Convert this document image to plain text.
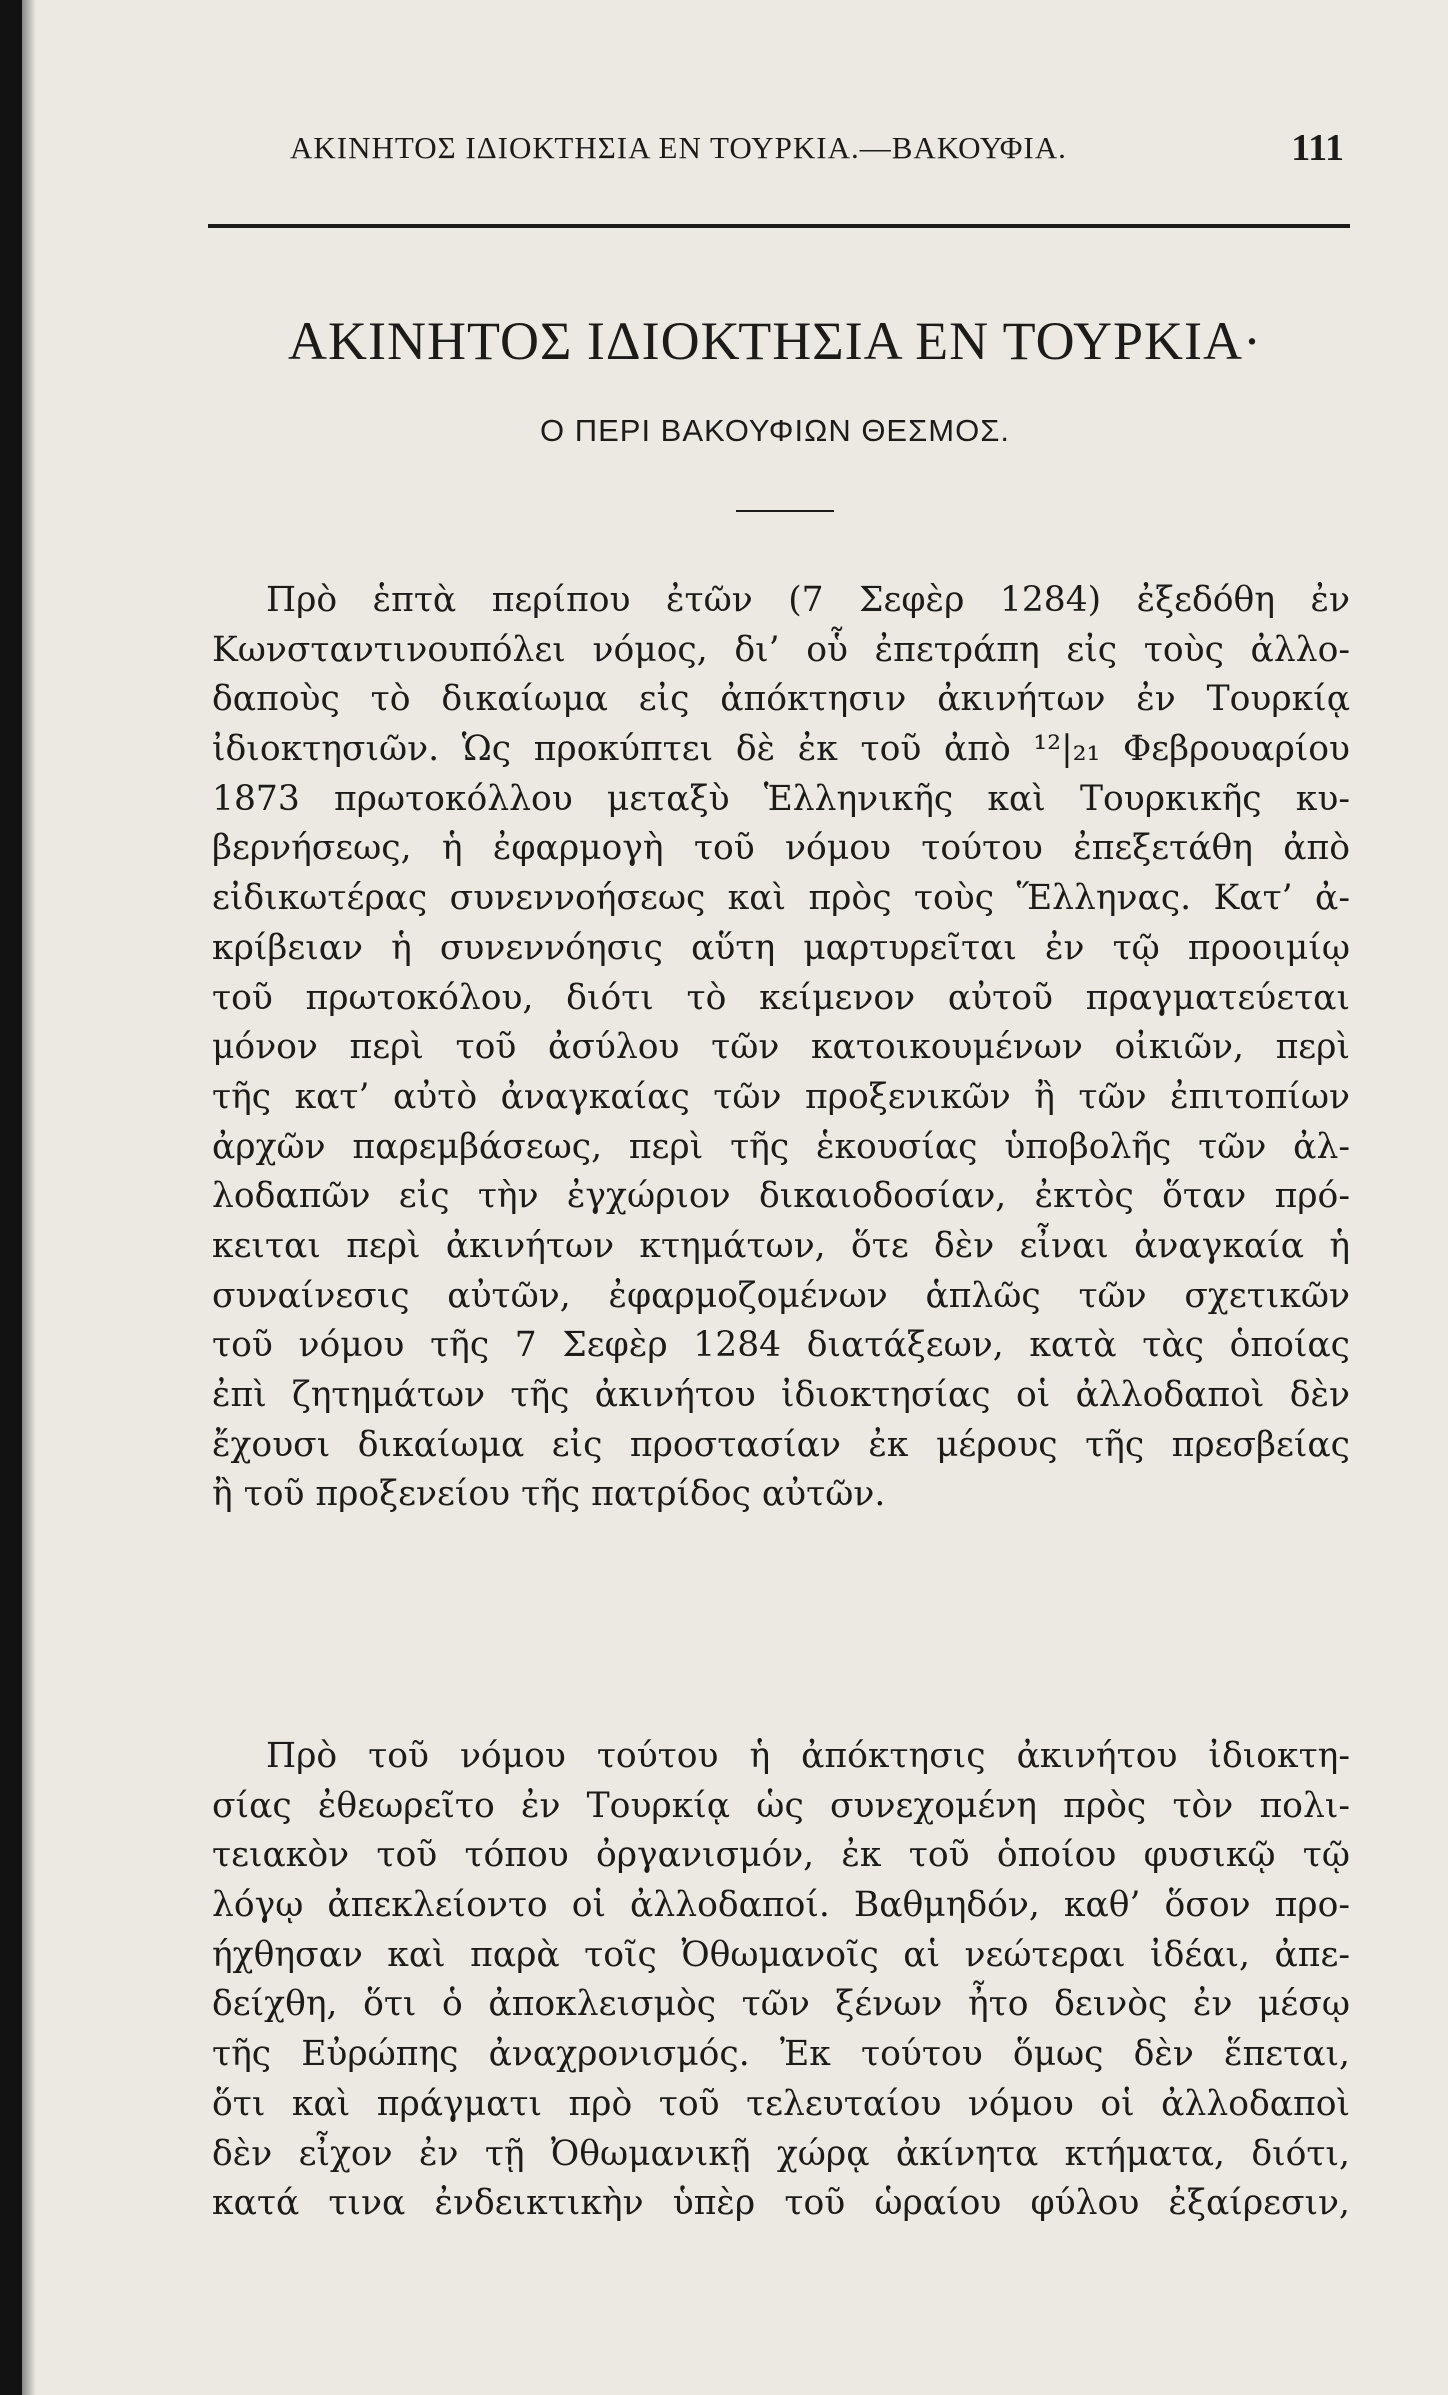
ΑΚΙΝΗΤΟΣ ΙΔΙΟΚΤΗΣΙΑ ΕΝ ΤΟΥΡΚΙΑ.—ΒΑΚΟΥΦΙΑ.	111
ΑΚΙΝΗΤΟΣ ΙΔΙΟΚΤΗΣΙΑ ΕΝ ΤΟΥΡΚΙΑ·
Ο ΠΕΡΙ ΒΑΚΟΥΦΙΩΝ ΘΕΣΜΟΣ.
Πρὸ ἑπτὰ περίπου ἐτῶν (7 Σεφὲρ 1284) ἐξεδόθη ἐν
Κωνσταντινουπόλει νόμος, δι’ οὗ ἐπετράπη εἰς τοὺς ἀλλο-
δαποὺς τὸ δικαίωμα εἰς ἀπόκτησιν ἀκινήτων ἐν Τουρκίᾳ
ἰδιοκτησιῶν. Ὡς προκύπτει δὲ ἐκ τοῦ ἀπὸ ¹²|₂₁ Φεβρουαρίου
1873 πρωτοκόλλου μεταξὺ Ἑλληνικῆς καὶ Τουρκικῆς κυ-
βερνήσεως, ἡ ἐφαρμογὴ τοῦ νόμου τούτου ἐπεξετάθη ἀπὸ
εἰδικωτέρας συνεννοήσεως καὶ πρὸς τοὺς Ἕλληνας. Κατ’ ἀ-
κρίβειαν ἡ συνεννόησις αὕτη μαρτυρεῖται ἐν τῷ προοιμίῳ
τοῦ πρωτοκόλου, διότι τὸ κείμενον αὐτοῦ πραγματεύεται
μόνον περὶ τοῦ ἀσύλου τῶν κατοικουμένων οἰκιῶν, περὶ
τῆς κατ’ αὐτὸ ἀναγκαίας τῶν προξενικῶν ἢ τῶν ἐπιτοπίων
ἀρχῶν παρεμβάσεως, περὶ τῆς ἑκουσίας ὑποβολῆς τῶν ἀλ-
λοδαπῶν εἰς τὴν ἐγχώριον δικαιοδοσίαν, ἐκτὸς ὅταν πρό-
κειται περὶ ἀκινήτων κτημάτων, ὅτε δὲν εἶναι ἀναγκαία ἡ
συναίνεσις αὐτῶν, ἐφαρμοζομένων ἁπλῶς τῶν σχετικῶν
τοῦ νόμου τῆς 7 Σεφὲρ 1284 διατάξεων, κατὰ τὰς ὁποίας
ἐπὶ ζητημάτων τῆς ἀκινήτου ἰδιοκτησίας οἱ ἀλλοδαποὶ δὲν
ἔχουσι δικαίωμα εἰς προστασίαν ἐκ μέρους τῆς πρεσβείας
ἢ τοῦ προξενείου τῆς πατρίδος αὐτῶν.
Πρὸ τοῦ νόμου τούτου ἡ ἀπόκτησις ἀκινήτου ἰδιοκτη-
σίας ἐθεωρεῖτο ἐν Τουρκίᾳ ὡς συνεχομένη πρὸς τὸν πολι-
τειακὸν τοῦ τόπου ὀργανισμόν, ἐκ τοῦ ὁποίου φυσικῷ τῷ
λόγῳ ἀπεκλείοντο οἱ ἀλλοδαποί. Βαθμηδόν, καθ’ ὅσον προ-
ήχθησαν καὶ παρὰ τοῖς Ὀθωμανοῖς αἱ νεώτεραι ἰδέαι, ἀπε-
δείχθη, ὅτι ὁ ἀποκλεισμὸς τῶν ξένων ἦτο δεινὸς ἐν μέσῳ
τῆς Εὐρώπης ἀναχρονισμός. Ἐκ τούτου ὅμως δὲν ἕπεται,
ὅτι καὶ πράγματι πρὸ τοῦ τελευταίου νόμου οἱ ἀλλοδαποὶ
δὲν εἶχον ἐν τῇ Ὀθωμανικῇ χώρᾳ ἀκίνητα κτήματα, διότι,
κατά τινα ἐνδεικτικὴν ὑπὲρ τοῦ ὡραίου φύλου ἐξαίρεσιν,
